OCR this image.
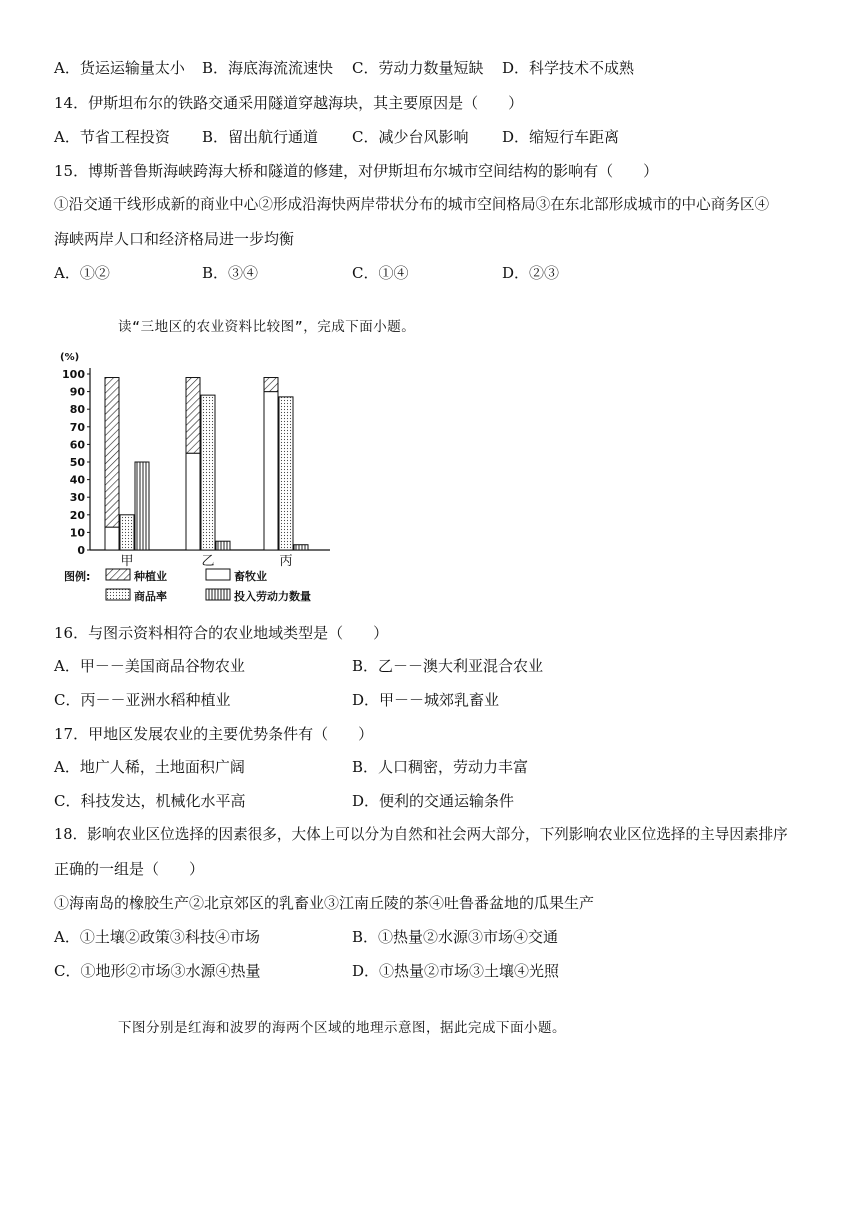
A．货运运输量太小 B．海底海流流速快 C．劳动力数量短缺 D．科学技术不成熟
14．伊斯坦布尔的铁路交通采用隧道穿越海块，其主要原因是（　　）
A．节省工程投资 B．留出航行通道 C．减少台风影响 D．缩短行车距离
15．博斯普鲁斯海峡跨海大桥和隧道的修建，对伊斯坦布尔城市空间结构的影响有（　　）
①沿交通干线形成新的商业中心②形成沿海快两岸带状分布的城市空间格局③在东北部形成城市的中心商务区④
海峡两岸人口和经济格局进一步均衡
A．①②	B．③④	C．①④	D．②③
读“三地区的农业资料比较图”，完成下面小题。
(%)
0
10
20
30
40
50
60
70
80
90
100
甲	乙	丙
图例:	种植业	畜牧业
商品率	投入劳动力数量
16．与图示资料相符合的农业地域类型是（　　）
A．甲－－美国商品谷物农业	B．乙－－澳大利亚混合农业
C．丙－－亚洲水稻种植业	D．甲－－城郊乳畜业
17．甲地区发展农业的主要优势条件有（　　）
A．地广人稀，土地面积广阔	B．人口稠密，劳动力丰富
C．科技发达，机械化水平高	D．便利的交通运输条件
18．影响农业区位选择的因素很多，大体上可以分为自然和社会两大部分，下列影响农业区位选择的主导因素排序
正确的一组是（　　）
①海南岛的橡胶生产②北京郊区的乳畜业③江南丘陵的茶④吐鲁番盆地的瓜果生产
A．①土壤②政策③科技④市场	B．①热量②水源③市场④交通
C．①地形②市场③水源④热量	D．①热量②市场③土壤④光照
下图分别是红海和波罗的海两个区域的地理示意图，据此完成下面小题。
